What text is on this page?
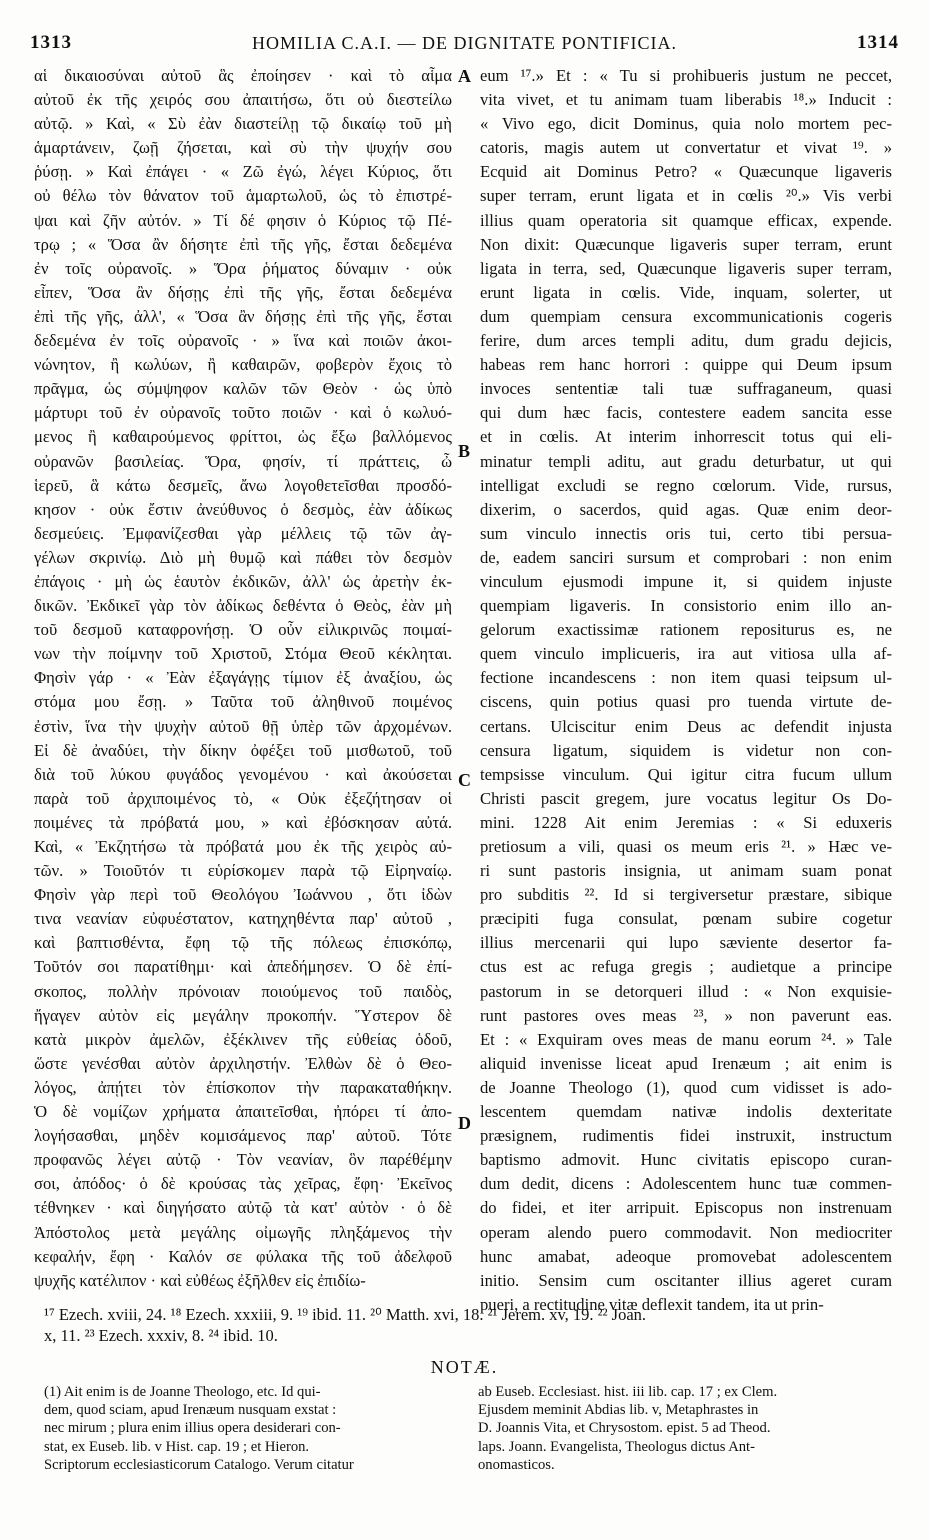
1313	HOMILIA C.A.I. — DE DIGNITATE PONTIFICIA.	1314
αἱ δικαιοσύναι αὐτοῦ ἃς ἐποίησεν · καὶ τὸ αἷμα
αὐτοῦ ἐκ τῆς χειρός σου ἀπαιτήσω, ὅτι οὐ διεστείλω
αὐτῷ. » Καὶ, « Σὺ ἐὰν διαστείλῃ τῷ δικαίῳ τοῦ μὴ
ἁμαρτάνειν, ζωῇ ζήσεται, καὶ σὺ τὴν ψυχήν σου
ῥύσῃ. » Καὶ ἐπάγει · « Ζῶ ἐγώ, λέγει Κύριος, ὅτι
οὐ θέλω τὸν θάνατον τοῦ ἁμαρτωλοῦ, ὡς τὸ ἐπιστρέ-
ψαι καὶ ζῆν αὐτόν. » Τί δέ φησιν ὁ Κύριος τῷ Πέ-
τρῳ ; « Ὅσα ἂν δήσητε ἐπὶ τῆς γῆς, ἔσται δεδεμένα
ἐν τοῖς οὐρανοῖς. » Ὅρα ῥήματος δύναμιν · οὐκ
εἶπεν, Ὅσα ἂν δήσῃς ἐπὶ τῆς γῆς, ἔσται δεδεμένα
ἐπὶ τῆς γῆς, ἀλλ', « Ὅσα ἂν δήσῃς ἐπὶ τῆς γῆς, ἔσται
δεδεμένα ἐν τοῖς οὐρανοῖς · » ἵνα καὶ ποιῶν ἀκοι-
νώνητον, ἢ κωλύων, ἢ καθαιρῶν, φοβερὸν ἔχοις τὸ
πρᾶγμα, ὡς σύμψηφον καλῶν τῶν Θεὸν · ὡς ὑπὸ
μάρτυρι τοῦ ἐν οὐρανοῖς τοῦτο ποιῶν · καὶ ὁ κωλυό-
μενος ἢ καθαιρούμενος φρίττοι, ὡς ἔξω βαλλόμενος
οὐρανῶν βασιλείας. Ὅρα, φησίν, τί πράττεις, ὦ
ἱερεῦ, ἃ κάτω δεσμεῖς, ἄνω λογοθετεῖσθαι προσδό-
κησον · οὐκ ἔστιν ἀνεύθυνος ὁ δεσμὸς, ἐὰν ἀδίκως
δεσμεύεις. Ἐμφανίζεσθαι γὰρ μέλλεις τῷ τῶν ἀγ-
γέλων σκρινίῳ. Διὸ μὴ θυμῷ καὶ πάθει τὸν δεσμὸν
ἐπάγοις · μὴ ὡς ἑαυτὸν ἐκδικῶν, ἀλλ' ὡς ἀρετὴν ἐκ-
δικῶν. Ἐκδικεῖ γὰρ τὸν ἀδίκως δεθέντα ὁ Θεὸς, ἐὰν μὴ
τοῦ δεσμοῦ καταφρονήσῃ. Ὁ οὖν εἰλικρινῶς ποιμαί-
νων τὴν ποίμνην τοῦ Χριστοῦ, Στόμα Θεοῦ κέκληται.
Φησὶν γάρ · « Ἐὰν ἐξαγάγῃς τίμιον ἐξ ἀναξίου, ὡς
στόμα μου ἔσῃ. » Ταῦτα τοῦ ἀληθινοῦ ποιμένος
ἐστὶν, ἵνα τὴν ψυχὴν αὐτοῦ θῇ ὑπὲρ τῶν ἀρχομένων.
Εἰ δὲ ἀναδύει, τὴν δίκην ὀφέξει τοῦ μισθωτοῦ, τοῦ
διὰ τοῦ λύκου φυγάδος γενομένου · καὶ ἀκούσεται
παρὰ τοῦ ἀρχιποιμένος τὸ, « Οὐκ ἐξεζήτησαν οἱ
ποιμένες τὰ πρόβατά μου, » καὶ ἐβόσκησαν αὐτά.
Καὶ, « Ἐκζητήσω τὰ πρόβατά μου ἐκ τῆς χειρὸς αὐ-
τῶν. » Τοιοῦτόν τι εὑρίσκομεν παρὰ τῷ Εἰρηναίῳ.
Φησὶν γὰρ περὶ τοῦ Θεολόγου Ἰωάννου , ὅτι ἰδὼν
τινα νεανίαν εὐφυέστατον, κατηχηθέντα παρ' αὐτοῦ ,
καὶ βαπτισθέντα, ἔφη τῷ τῆς πόλεως ἐπισκόπῳ,
Τοῦτόν σοι παρατίθημι· καὶ ἀπεδήμησεν. Ὁ δὲ ἐπί-
σκοπος, πολλὴν πρόνοιαν ποιούμενος τοῦ παιδὸς,
ἤγαγεν αὐτὸν εἰς μεγάλην προκοπήν. Ὕστερον δὲ
κατὰ μικρὸν ἀμελῶν, ἐξέκλινεν τῆς εὐθείας ὁδοῦ,
ὥστε γενέσθαι αὐτὸν ἀρχιληστήν. Ἐλθὼν δὲ ὁ Θεο-
λόγος, ἀπῄτει τὸν ἐπίσκοπον τὴν παρακαταθήκην.
Ὁ δὲ νομίζων χρήματα ἀπαιτεῖσθαι, ἠπόρει τί ἀπο-
λογήσασθαι, μηδὲν κομισάμενος παρ' αὐτοῦ. Τότε
προφανῶς λέγει αὐτῷ · Τὸν νεανίαν, ὃν παρέθέμην
σοι, ἀπόδος· ὁ δὲ κρούσας τὰς χεῖρας, ἔφη· Ἐκεῖνος
τέθνηκεν · καὶ διηγήσατο αὐτῷ τὰ κατ' αὐτὸν · ὁ δὲ
Ἀπόστολος μετὰ μεγάλης οἰμωγῆς πληξάμενος τὴν
κεφαλήν, ἔφη · Καλόν σε φύλακα τῆς τοῦ ἀδελφοῦ
ψυχῆς κατέλιπον · καὶ εὐθέως ἐξῆλθεν εἰς ἐπιδίω-
eum ¹⁷.» Et : « Tu si prohibueris justum ne peccet,
vita vivet, et tu animam tuam liberabis ¹⁸.» Inducit :
« Vivo ego, dicit Dominus, quia nolo mortem pec-
catoris, magis autem ut convertatur et vivat ¹⁹. »
Ecquid ait Dominus Petro? « Quæcunque ligaveris
super terram, erunt ligata et in cœlis ²⁰.» Vis verbi
illius quam operatoria sit quamque efficax, expende.
Non dixit: Quæcunque ligaveris super terram, erunt
ligata in terra, sed, Quæcunque ligaveris super terram,
erunt ligata in cœlis. Vide, inquam, solerter, ut
dum quempiam censura excommunicationis cogeris
ferire, dum arces templi aditu, dum gradu dejicis,
habeas rem hanc horrori : quippe qui Deum ipsum
invoces sententiæ tali tuæ suffraganeum, quasi
qui dum hæc facis, contestere eadem sancita esse
et in cœlis. At interim inhorrescit totus qui eli-
minatur templi aditu, aut gradu deturbatur, ut qui
intelligat excludi se regno cœlorum. Vide, rursus,
dixerim, o sacerdos, quid agas. Quæ enim deor-
sum vinculo innectis oris tui, certo tibi persua-
de, eadem sanciri sursum et comprobari : non enim
vinculum ejusmodi impune it, si quidem injuste
quempiam ligaveris. In consistorio enim illo an-
gelorum exactissimæ rationem repositurus es, ne
quem vinculo implicueris, ira aut vitiosa ulla af-
fectione incandescens : non item quasi teipsum ul-
ciscens, quin potius quasi pro tuenda virtute de-
certans. Ulciscitur enim Deus ac defendit injusta
censura ligatum, siquidem is videtur non con-
tempsisse vinculum. Qui igitur citra fucum ullum
Christi pascit gregem, jure vocatus legitur Os Do-
mini. 1228 Ait enim Jeremias : « Si eduxeris
pretiosum a vili, quasi os meum eris ²¹. » Hæc ve-
ri sunt pastoris insignia, ut animam suam ponat
pro subditis ²². Id si tergiversetur præstare, sibique
præcipiti fuga consulat, pœnam subire cogetur
illius mercenarii qui lupo sæviente desertor fa-
ctus est ac refuga gregis ; audietque a principe
pastorum in se detorqueri illud : « Non exquisie-
runt pastores oves meas ²³, » non paverunt eas.
Et : « Exquiram oves meas de manu eorum ²⁴. » Tale
aliquid invenisse liceat apud Irenæum ; ait enim is
de Joanne Theologo (1), quod cum vidisset is ado-
lescentem quemdam nativæ indolis dexteritate
præsignem, rudimentis fidei instruxit, instructum
baptismo admovit. Hunc civitatis episcopo curan-
dum dedit, dicens : Adolescentem hunc tuæ commen-
do fidei, et iter arripuit. Episcopus non instrenuam
operam alendo puero commodavit. Non mediocriter
hunc amabat, adeoque promovebat adolescentem
initio. Sensim cum oscitanter illius ageret curam
pueri, a rectitudine vitæ deflexit tandem, ita ut prin-
A
B
C
D
¹⁷ Ezech. xviii, 24. ¹⁸ Ezech. xxxiii, 9. ¹⁹ ibid. 11. ²⁰ Matth. xvi, 18. ²¹ Jerem. xv, 19. ²² Joan.
x, 11. ²³ Ezech. xxxiv, 8. ²⁴ ibid. 10.
NOTÆ.
(1) Ait enim is de Joanne Theologo, etc. Id qui-
dem, quod sciam, apud Irenæum nusquam exstat :
nec mirum ; plura enim illius opera desiderari con-
stat, ex Euseb. lib. v Hist. cap. 19 ; et Hieron.
Scriptorum ecclesiasticorum Catalogo. Verum citatur
ab Euseb. Ecclesiast. hist. iii lib. cap. 17 ; ex Clem.
Ejusdem meminit Abdias lib. v, Metaphrastes in
D. Joannis Vita, et Chrysostom. epist. 5 ad Theod.
laps. Joann. Evangelista, Theologus dictus Ant-
onomasticos.
